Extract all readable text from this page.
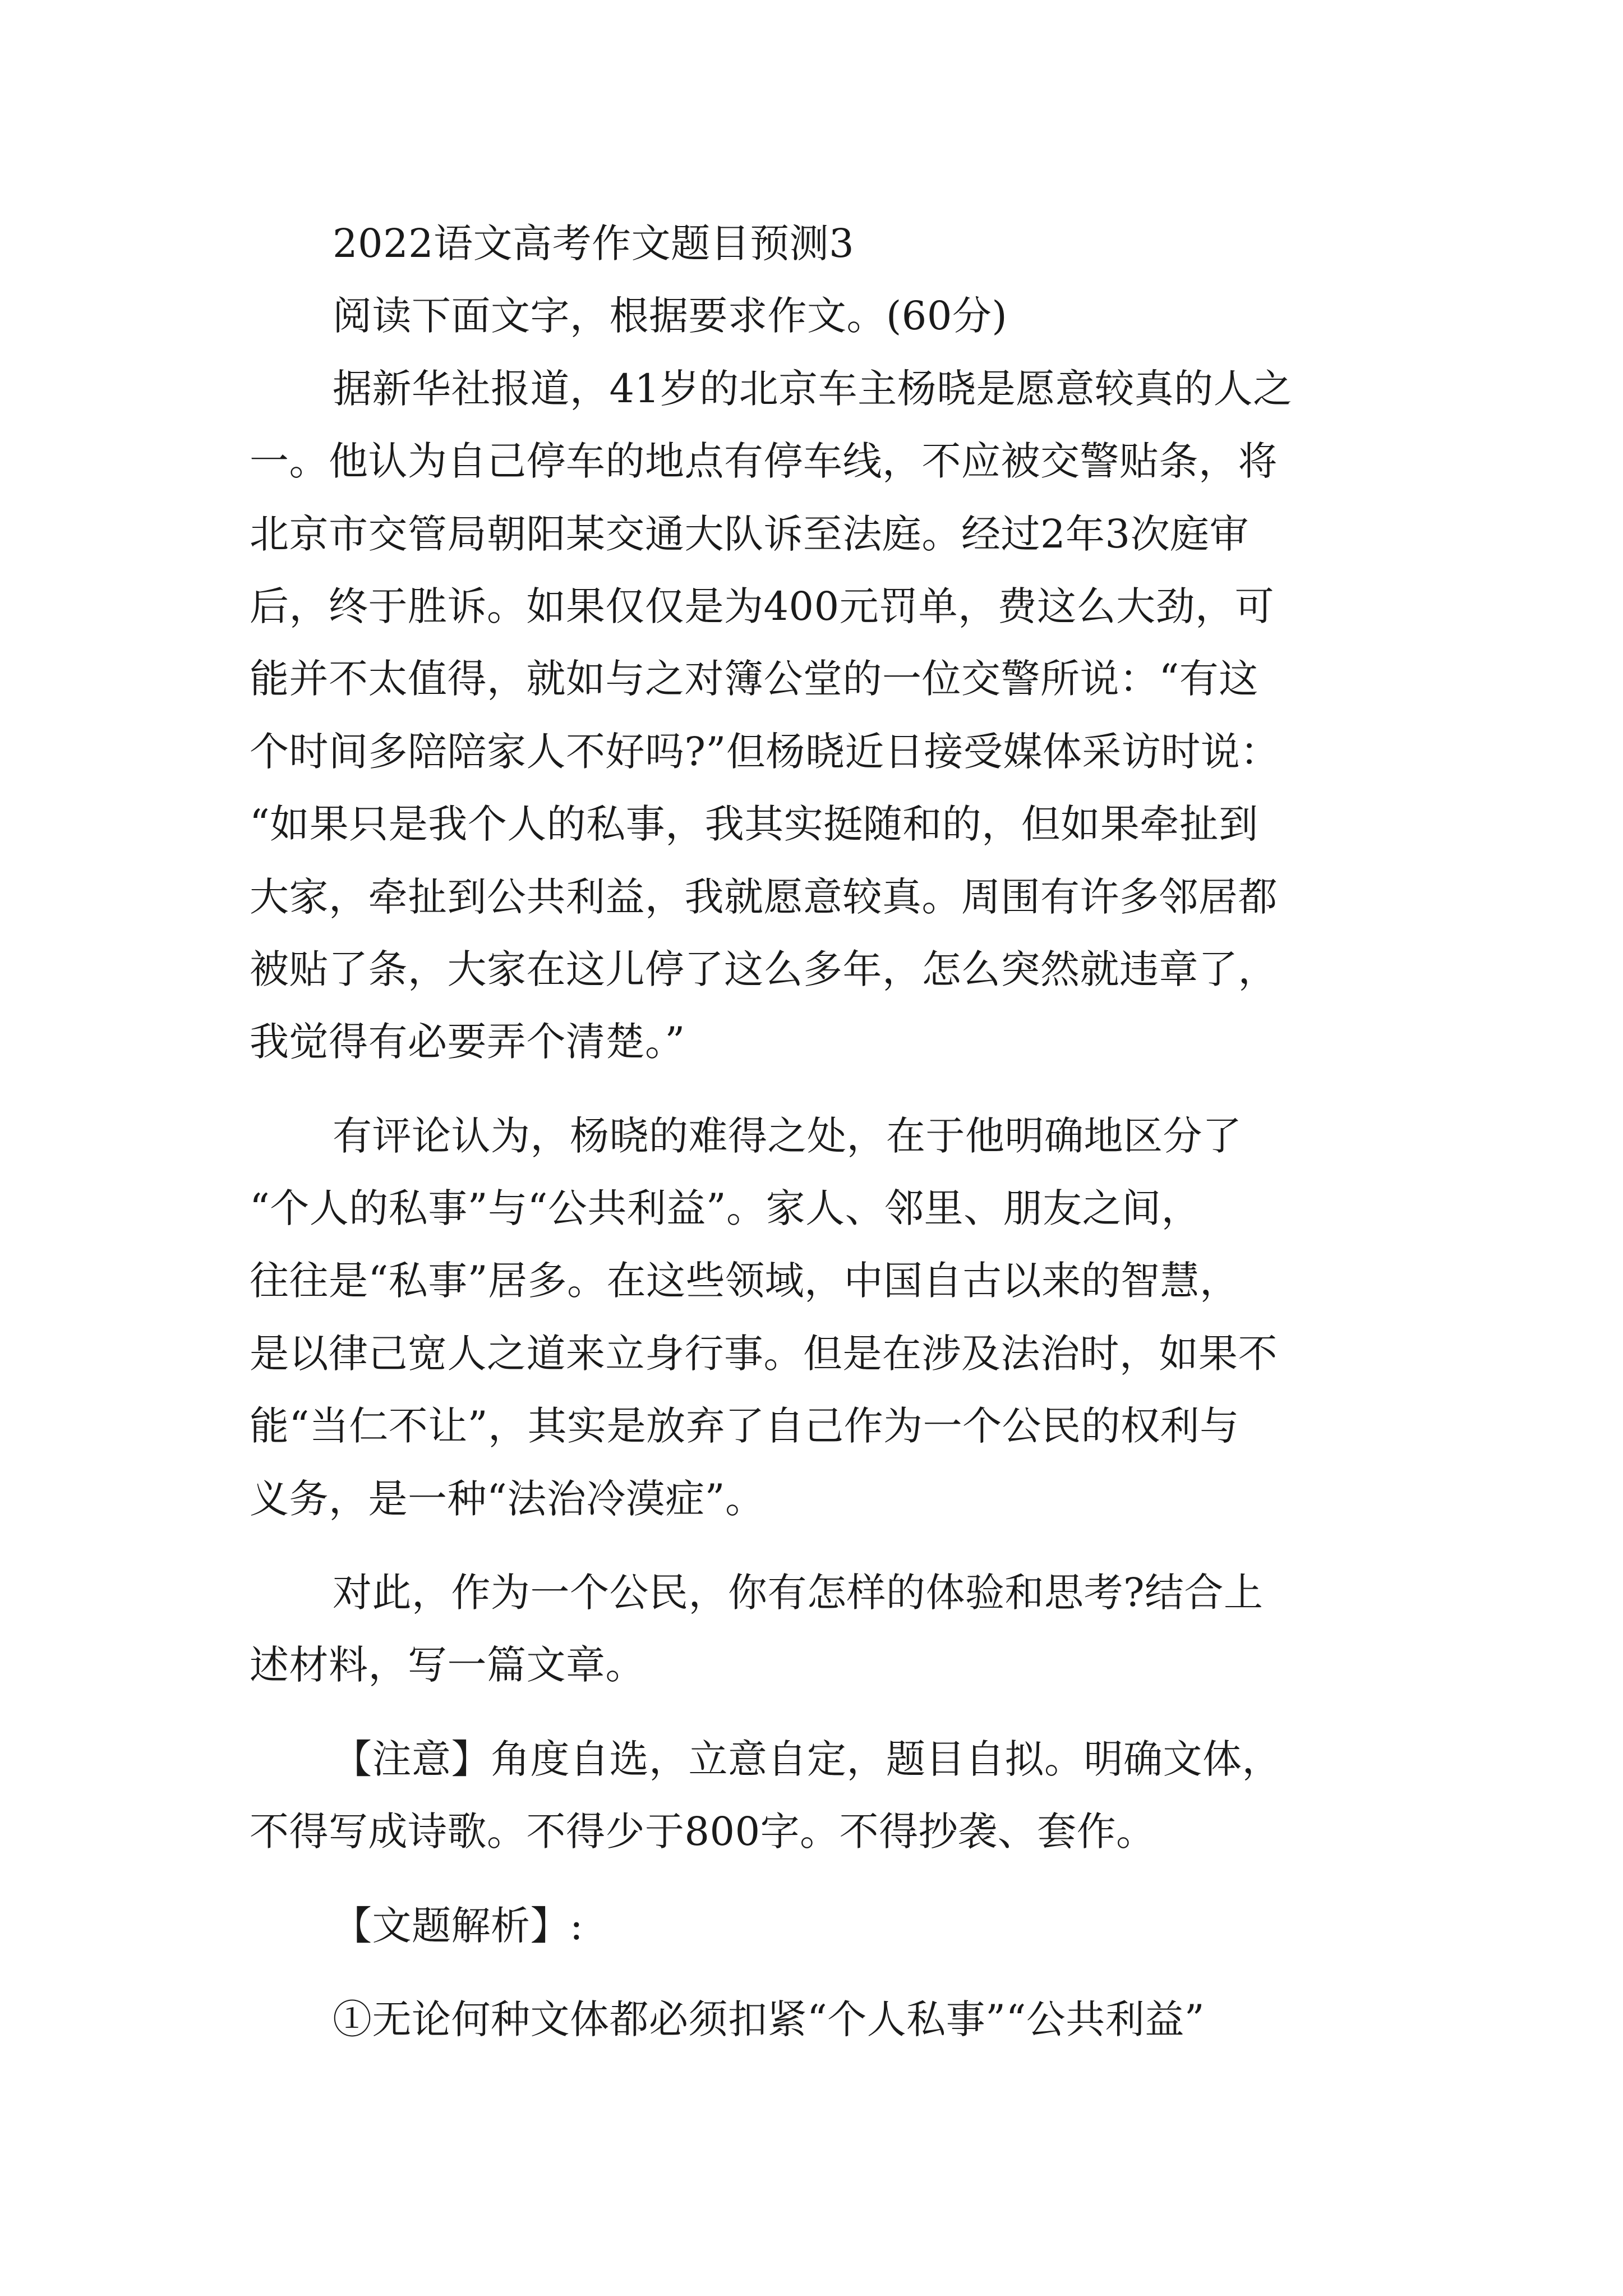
2022语文高考作文题目预测3
阅读下面文字，根据要求作文。(60分)
据新华社报道，41岁的北京车主杨晓是愿意较真的人之
一。他认为自己停车的地点有停车线，不应被交警贴条，将
北京市交管局朝阳某交通大队诉至法庭。经过2年3次庭审
后，终于胜诉。如果仅仅是为400元罚单，费这么大劲，可
能并不太值得，就如与之对簿公堂的一位交警所说：“有这
个时间多陪陪家人不好吗?”但杨晓近日接受媒体采访时说：
“如果只是我个人的私事，我其实挺随和的，但如果牵扯到
大家，牵扯到公共利益，我就愿意较真。周围有许多邻居都
被贴了条，大家在这儿停了这么多年，怎么突然就违章了，
我觉得有必要弄个清楚。”
有评论认为，杨晓的难得之处，在于他明确地区分了
“个人的私事”与“公共利益”。家人、邻里、朋友之间，
往往是“私事”居多。在这些领域，中国自古以来的智慧，
是以律己宽人之道来立身行事。但是在涉及法治时，如果不
能“当仁不让”，其实是放弃了自己作为一个公民的权利与
义务，是一种“法治冷漠症”。
对此，作为一个公民，你有怎样的体验和思考?结合上
述材料，写一篇文章。
【注意】角度自选，立意自定，题目自拟。明确文体，
不得写成诗歌。不得少于800字。不得抄袭、套作。
【文题解析】:
①无论何种文体都必须扣紧“个人私事”“公共利益”
